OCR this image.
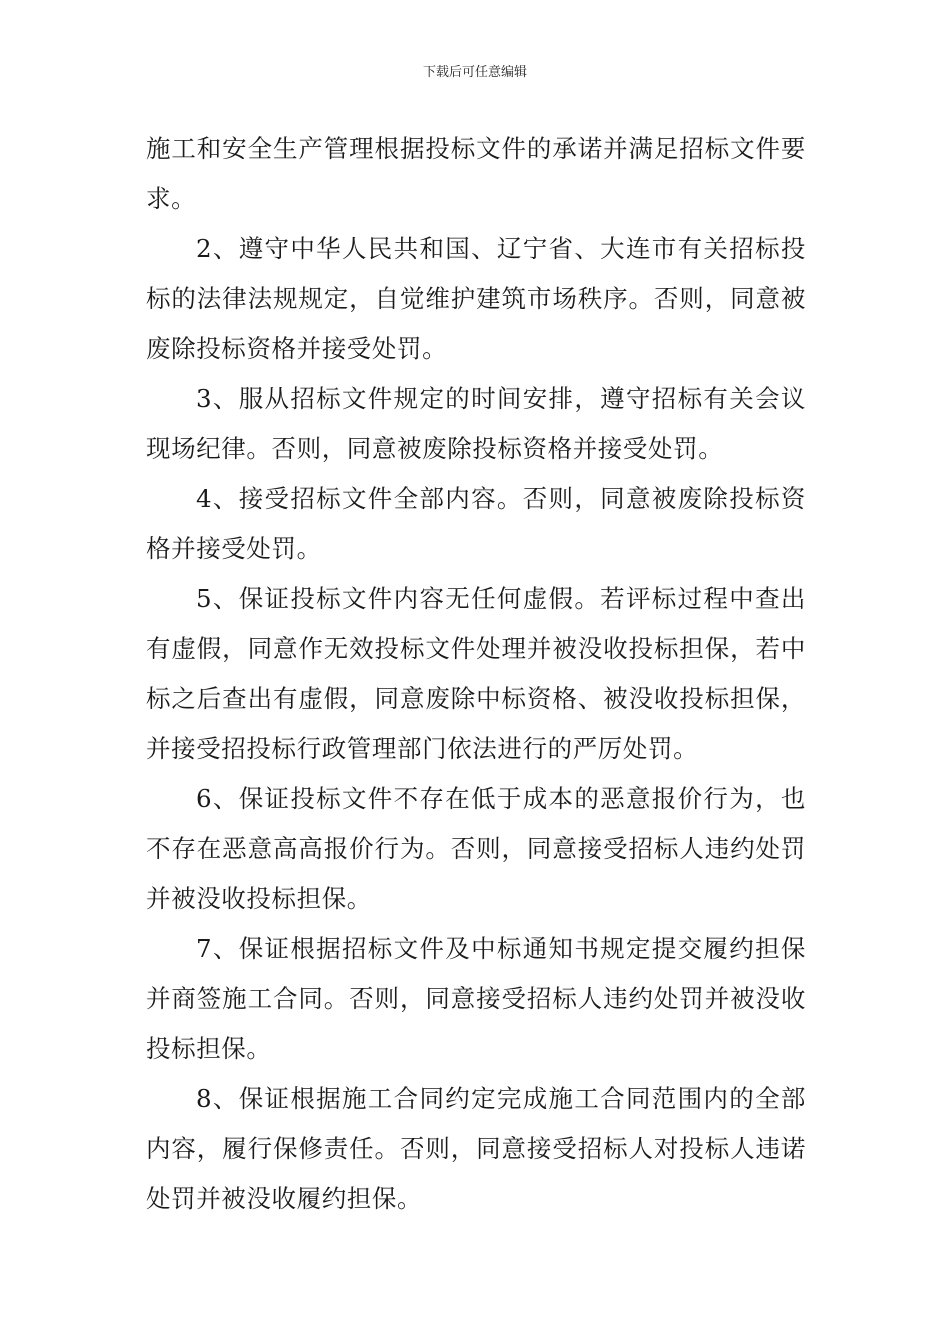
下载后可任意编辑

施工和安全生产管理根据投标文件的承诺并满足招标文件要求。

2、遵守中华人民共和国、辽宁省、大连市有关招标投标的法律法规规定，自觉维护建筑市场秩序。否则，同意被废除投标资格并接受处罚。

3、服从招标文件规定的时间安排，遵守招标有关会议现场纪律。否则，同意被废除投标资格并接受处罚。

4、接受招标文件全部内容。否则，同意被废除投标资格并接受处罚。

5、保证投标文件内容无任何虚假。若评标过程中查出有虚假，同意作无效投标文件处理并被没收投标担保，若中标之后查出有虚假，同意废除中标资格、被没收投标担保，并接受招投标行政管理部门依法进行的严厉处罚。

6、保证投标文件不存在低于成本的恶意报价行为，也不存在恶意高高报价行为。否则，同意接受招标人违约处罚并被没收投标担保。

7、保证根据招标文件及中标通知书规定提交履约担保并商签施工合同。否则，同意接受招标人违约处罚并被没收投标担保。

8、保证根据施工合同约定完成施工合同范围内的全部内容，履行保修责任。否则，同意接受招标人对投标人违诺处罚并被没收履约担保。
